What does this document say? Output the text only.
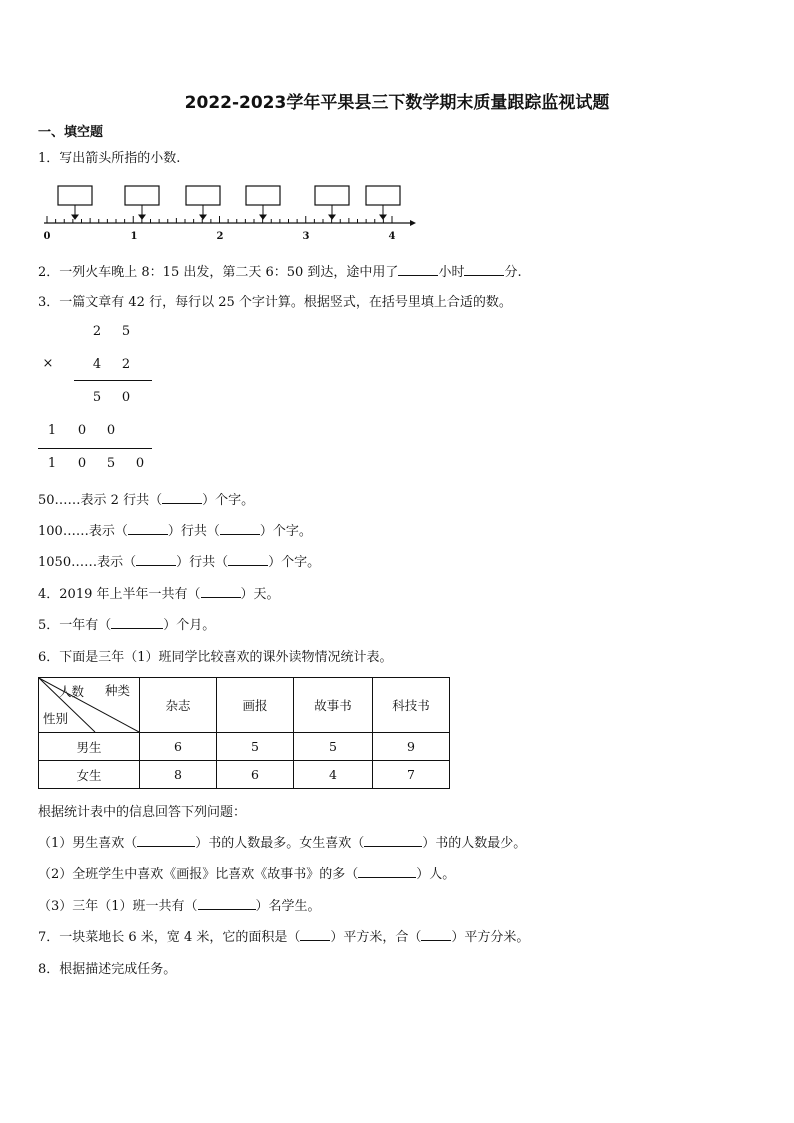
2022-2023学年平果县三下数学期末质量跟踪监视试题
一、填空题
1．写出箭头所指的小数.
0	1	2	3	4
2．一列火车晚上 8：15 出发，第二天 6：50 到达，途中用了	小时	分.
3．一篇文章有 42 行，每行以 25 个字计算。根据竖式，在括号里填上合适的数。
2 5
×	4 2
5 0
1 0 0
1 0 5 0
50……表示 2 行共（	）个字。
100……表示（	）行共（	）个字。
1050……表示（	）行共（	）个字。
4．2019 年上半年一共有（	）天。
5．一年有（	）个月。
6．下面是三年（1）班同学比较喜欢的课外读物情况统计表。
人数 种类
性别	杂志	画报	故事书	科技书
男生	6	5	5	9
女生	8	6	4	7
根据统计表中的信息回答下列问题：
（1）男生喜欢（	）书的人数最多。女生喜欢（	）书的人数最少。
（2）全班学生中喜欢《画报》比喜欢《故事书》的多（	）人。
（3）三年（1）班一共有（	）名学生。
7．一块菜地长 6 米，宽 4 米，它的面积是（ ）平方米，合（ ）平方分米。
8．根据描述完成任务。
